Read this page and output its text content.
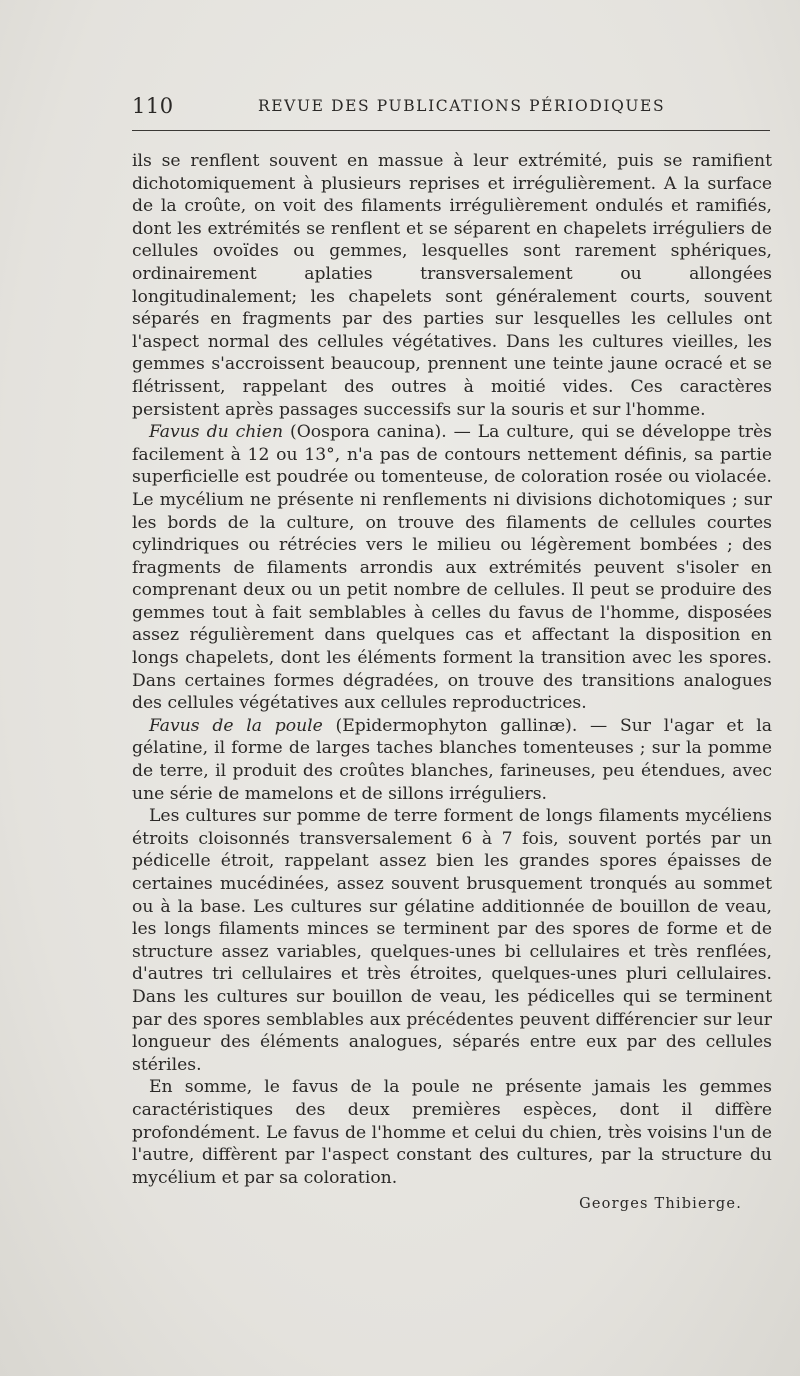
110	REVUE DES PUBLICATIONS PÉRIODIQUES

ils se renflent souvent en massue à leur extrémité, puis se ramifient dichotomiquement à plusieurs reprises et irrégulièrement. A la surface de la croûte, on voit des filaments irrégulièrement ondulés et ramifiés, dont les extrémités se renflent et se séparent en chapelets irréguliers de cellules ovoïdes ou gemmes, lesquelles sont rarement sphériques, ordinairement aplaties transversalement ou allongées longitudinalement; les chapelets sont généralement courts, souvent séparés en fragments par des parties sur lesquelles les cellules ont l'aspect normal des cellules végétatives. Dans les cultures vieilles, les gemmes s'accroissent beaucoup, prennent une teinte jaune ocracé et se flétrissent, rappelant des outres à moitié vides. Ces caractères persistent après passages successifs sur la souris et sur l'homme.

Favus du chien (Oospora canina). — La culture, qui se développe très facilement à 12 ou 13°, n'a pas de contours nettement définis, sa partie superficielle est poudrée ou tomenteuse, de coloration rosée ou violacée. Le mycélium ne présente ni renflements ni divisions dichotomiques ; sur les bords de la culture, on trouve des filaments de cellules courtes cylindriques ou rétrécies vers le milieu ou légèrement bombées ; des fragments de filaments arrondis aux extrémités peuvent s'isoler en comprenant deux ou un petit nombre de cellules. Il peut se produire des gemmes tout à fait semblables à celles du favus de l'homme, disposées assez régulièrement dans quelques cas et affectant la disposition en longs chapelets, dont les éléments forment la transition avec les spores. Dans certaines formes dégradées, on trouve des transitions analogues des cellules végétatives aux cellules reproductrices.

Favus de la poule (Epidermophyton gallinæ). — Sur l'agar et la gélatine, il forme de larges taches blanches tomenteuses ; sur la pomme de terre, il produit des croûtes blanches, farineuses, peu étendues, avec une série de mamelons et de sillons irréguliers.

Les cultures sur pomme de terre forment de longs filaments mycéliens étroits cloisonnés transversalement 6 à 7 fois, souvent portés par un pédicelle étroit, rappelant assez bien les grandes spores épaisses de certaines mucédinées, assez souvent brusquement tronqués au sommet ou à la base. Les cultures sur gélatine additionnée de bouillon de veau, les longs filaments minces se terminent par des spores de forme et de structure assez variables, quelques-unes bi cellulaires et très renflées, d'autres tri cellulaires et très étroites, quelques-unes pluri cellulaires. Dans les cultures sur bouillon de veau, les pédicelles qui se terminent par des spores semblables aux précédentes peuvent différencier sur leur longueur des éléments analogues, séparés entre eux par des cellules stériles.

En somme, le favus de la poule ne présente jamais les gemmes caractéristiques des deux premières espèces, dont il diffère profondément. Le favus de l'homme et celui du chien, très voisins l'un de l'autre, diffèrent par l'aspect constant des cultures, par la structure du mycélium et par sa coloration.

Georges Thibierge.
